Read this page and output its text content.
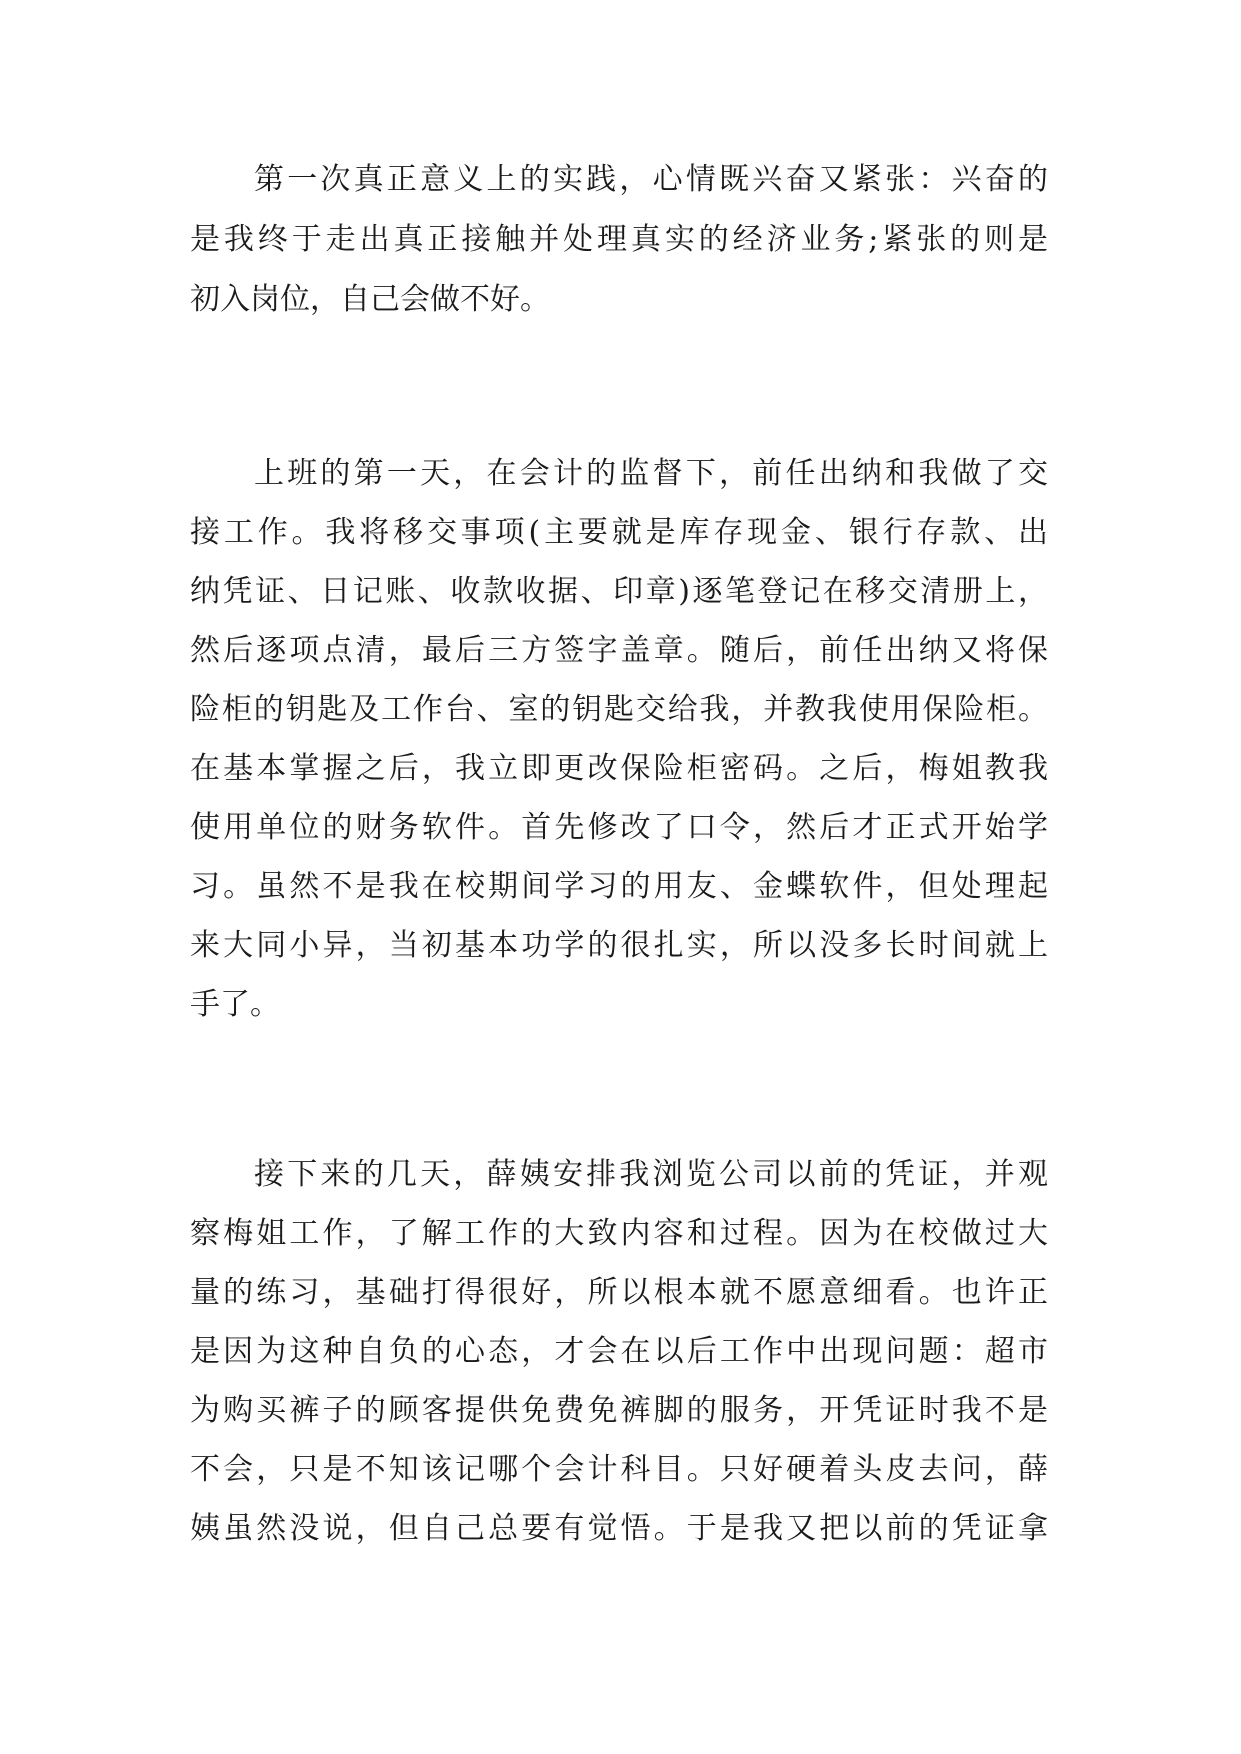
第一次真正意义上的实践，心情既兴奋又紧张：兴奋的
是我终于走出真正接触并处理真实的经济业务;紧张的则是
初入岗位，自己会做不好。
上班的第一天，在会计的监督下，前任出纳和我做了交
接工作。我将移交事项(主要就是库存现金、银行存款、出
纳凭证、日记账、收款收据、印章)逐笔登记在移交清册上，
然后逐项点清，最后三方签字盖章。随后，前任出纳又将保
险柜的钥匙及工作台、室的钥匙交给我，并教我使用保险柜。
在基本掌握之后，我立即更改保险柜密码。之后，梅姐教我
使用单位的财务软件。首先修改了口令，然后才正式开始学
习。虽然不是我在校期间学习的用友、金蝶软件，但处理起
来大同小异，当初基本功学的很扎实，所以没多长时间就上
手了。
接下来的几天，薛姨安排我浏览公司以前的凭证，并观
察梅姐工作，了解工作的大致内容和过程。因为在校做过大
量的练习，基础打得很好，所以根本就不愿意细看。也许正
是因为这种自负的心态，才会在以后工作中出现问题：超市
为购买裤子的顾客提供免费免裤脚的服务，开凭证时我不是
不会，只是不知该记哪个会计科目。只好硬着头皮去问，薛
姨虽然没说，但自己总要有觉悟。于是我又把以前的凭证拿
